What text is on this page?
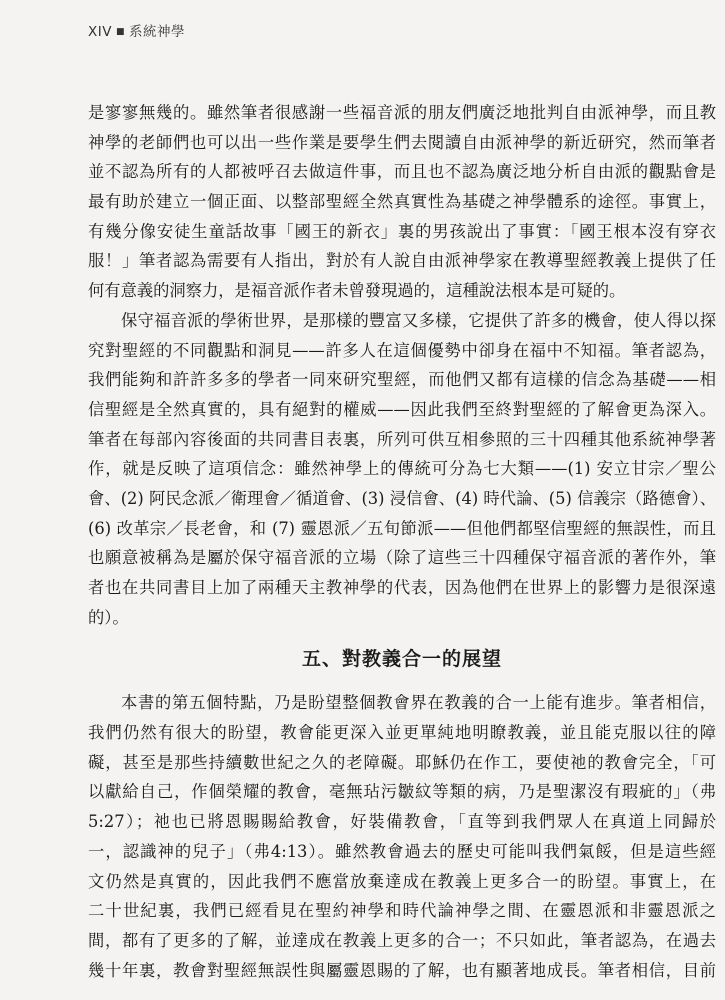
XIV ■ 系統神學
是寥寥無幾的。雖然筆者很感謝一些福音派的朋友們廣泛地批判自由派神學，而且教
神學的老師們也可以出一些作業是要學生們去閱讀自由派神學的新近研究，然而筆者
並不認為所有的人都被呼召去做這件事，而且也不認為廣泛地分析自由派的觀點會是
最有助於建立一個正面、以整部聖經全然真實性為基礎之神學體系的途徑。事實上，
有幾分像安徒生童話故事「國王的新衣」裏的男孩說出了事實：「國王根本沒有穿衣
服！」筆者認為需要有人指出，對於有人說自由派神學家在教導聖經教義上提供了任
何有意義的洞察力，是福音派作者未曾發現過的，這種說法根本是可疑的。
保守福音派的學術世界，是那樣的豐富又多樣，它提供了許多的機會，使人得以探
究對聖經的不同觀點和洞見——許多人在這個優勢中卻身在福中不知福。筆者認為，
我們能夠和許許多多的學者一同來研究聖經，而他們又都有這樣的信念為基礎——相
信聖經是全然真實的，具有絕對的權威——因此我們至終對聖經的了解會更為深入。
筆者在每部內容後面的共同書目表裏，所列可供互相參照的三十四種其他系統神學著
作，就是反映了這項信念：雖然神學上的傳統可分為七大類——(1) 安立甘宗／聖公
會、(2) 阿民念派／衛理會／循道會、(3) 浸信會、(4) 時代論、(5) 信義宗（路德會）、
(6) 改革宗／長老會，和 (7) 靈恩派／五旬節派——但他們都堅信聖經的無誤性，而且
也願意被稱為是屬於保守福音派的立場（除了這些三十四種保守福音派的著作外，筆
者也在共同書目上加了兩種天主教神學的代表，因為他們在世界上的影響力是很深遠
的）。
五、對教義合一的展望
本書的第五個特點，乃是盼望整個教會界在教義的合一上能有進步。筆者相信，
我們仍然有很大的盼望，教會能更深入並更單純地明瞭教義，並且能克服以往的障
礙，甚至是那些持續數世紀之久的老障礙。耶穌仍在作工，要使祂的教會完全，「可
以獻給自己，作個榮耀的教會，毫無玷污皺紋等類的病，乃是聖潔沒有瑕疵的」（弗
5:27）；祂也已將恩賜賜給教會，好裝備教會，「直等到我們眾人在真道上同歸於
一，認識神的兒子」（弗4:13）。雖然教會過去的歷史可能叫我們氣餒，但是這些經
文仍然是真實的，因此我們不應當放棄達成在教義上更多合一的盼望。事實上，在
二十世紀裏，我們已經看見在聖約神學和時代論神學之間、在靈恩派和非靈恩派之
間，都有了更多的了解，並達成在教義上更多的合一；不只如此，筆者認為，在過去
幾十年裏，教會對聖經無誤性與屬靈恩賜的了解，也有顯著地成長。筆者相信，目前
